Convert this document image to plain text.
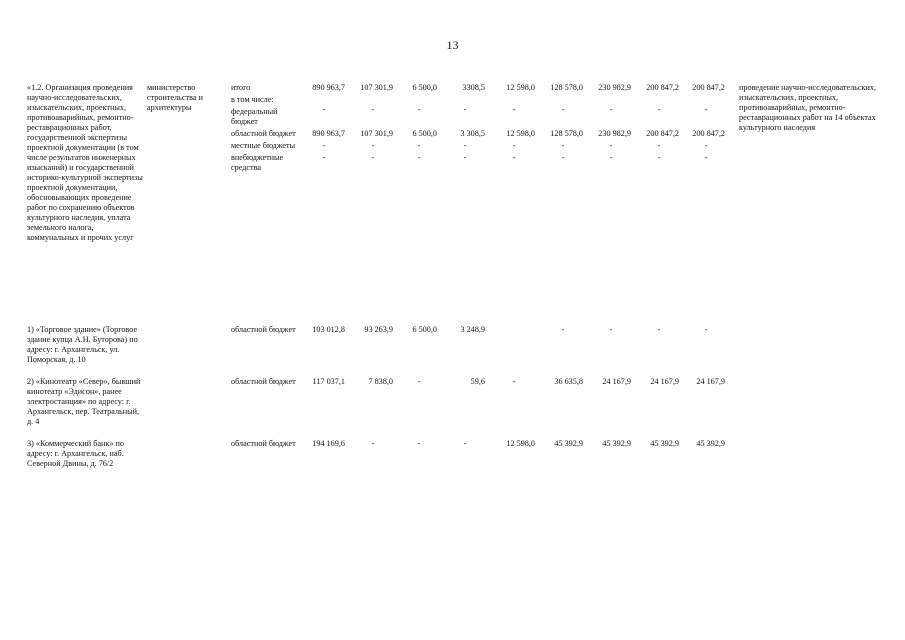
13
«1.2. Организация проведения научно-исследовательских, изыскательских, проектных, противоаварийных, ремонтно-реставрационных работ, государственной экспертизы проектной документации (в том числе результатов инженерных изысканий) и государственной историко-культурной экспертизы проектной документации, обосновывающих проведение работ по сохранению объектов культурного наследия, уплата земельного налога, коммунальных и прочих услуг	министерство строительства и архитектуры	итого	890 963,7	107 301,9	6 500,0	3308,5	12 598,0	128 578,0	230 982,9	200 847,2	200 847,2	проведение научно-исследовательских, изыскательских, проектных, противоаварийных, ремонтно-реставрационных работ на 14 объектах культурного наследия
		в том числе:										
		федеральный бюджет	-	-	-	-	-	-	-	-	-	
		областной бюджет	890 963,7	107 301,9	6 500,0	3 308,5	12 598,0	128 578,0	230 982,9	200 847,2	200 847,2	
		местные бюджеты	-	-	-	-	-	-	-	-	-	
		внебюджетные средства	-	-	-	-	-	-	-	-	-	

1) «Торговое здание» (Торговое здание купца А.Н. Буторова) по адресу: г. Архангельск, ул. Поморская, д. 10		областной бюджет	103 012,8	93 263,9	6 500,0	3 248,9		-	-	-	-	

2) «Кинотеатр «Север», бывший кинотеатр «Эдисон», ранее электростанция» по адресу: г. Архангельск, пер. Театральный, д. 4		областной бюджет	117 037,1	7 838,0	-	59,6	-	36 635,8	24 167,9	24 167,9	24 167,9	

3) «Коммерческий банк» по адресу: г. Архангельск, наб. Северной Двины, д. 76/2		областной бюджет	194 169,6	-	-	-	12 598,0	45 392,9	45 392,9	45 392,9	45 392,9	
